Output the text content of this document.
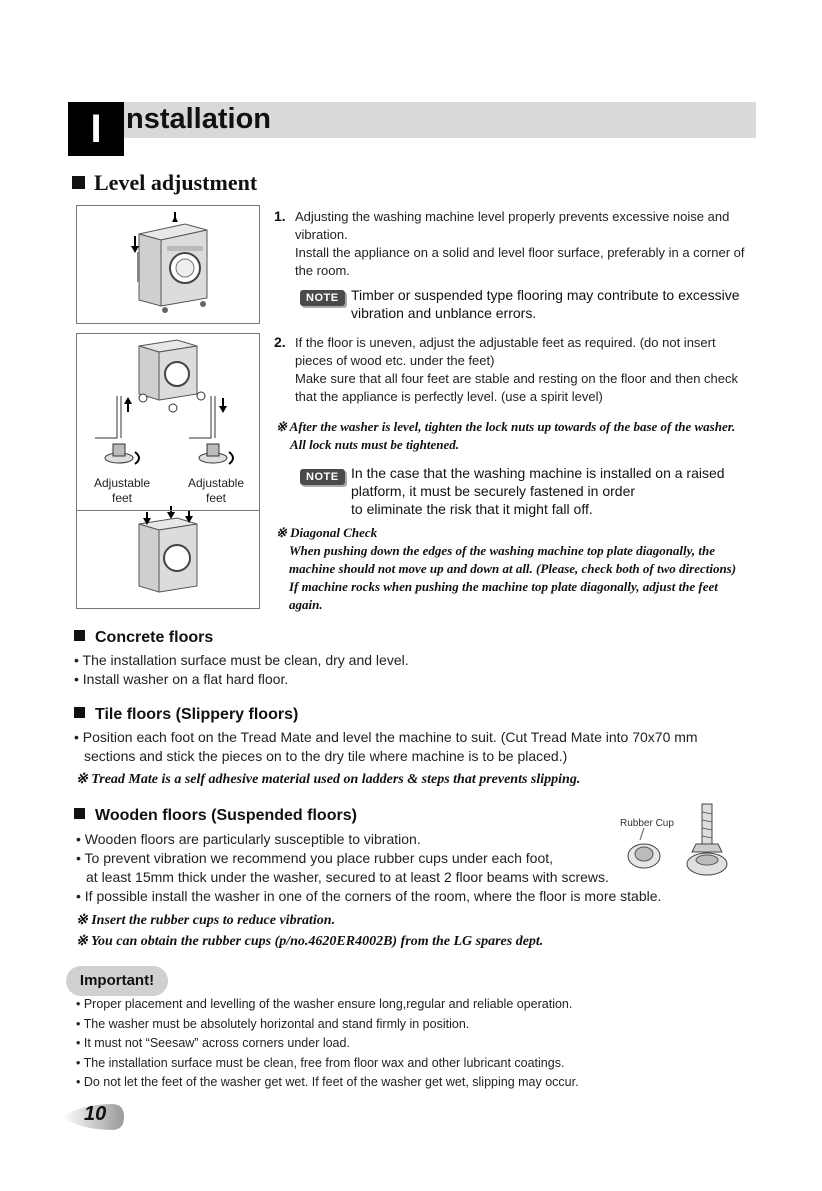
I nstallation
Level adjustment
Adjustable
feet
Adjustable
feet
1. Adjusting the washing machine level properly prevents excessive noise and
vibration.
Install the appliance on a solid and level floor surface, preferably in a corner of
the room.
NOTE Timber or suspended type flooring may contribute to excessive
vibration and unblance errors.
2. If the floor is uneven, adjust the adjustable feet as required. (do not insert
pieces of wood etc. under the feet)
Make sure that all four feet are stable and resting on the floor and then check
that the appliance is perfectly level. (use a spirit level)
※ After the washer is level, tighten the lock nuts up towards of the base of the washer.
All lock nuts must be tightened.
NOTE In the case that the washing machine is installed on a raised
platform, it must be securely fastened in order
to eliminate the risk that it might fall off.
※ Diagonal Check
When pushing down the edges of the washing machine top plate diagonally, the
machine should not move up and down at all. (Please, check both of two directions)
If machine rocks when pushing the machine top plate diagonally, adjust the feet
again.
Concrete floors
• The installation surface must be clean, dry and level.
• Install washer on a flat hard floor.
Tile floors (Slippery floors)
• Position each foot on the Tread Mate and level the machine to suit. (Cut Tread Mate into 70x70 mm
sections and stick the pieces on to the dry tile where machine is to be placed.)
※ Tread Mate is a self adhesive material used on ladders & steps that prevents slipping.
Wooden floors (Suspended floors)	Rubber Cup
• Wooden floors are particularly susceptible to vibration.
• To prevent vibration we recommend you place rubber cups under each foot,
at least 15mm thick under the washer, secured to at least 2 floor beams with screws.
• If possible install the washer in one of the corners of the room, where the floor is more stable.
※ Insert the rubber cups to reduce vibration.
※ You can obtain the rubber cups (p/no.4620ER4002B) from the LG spares dept.
Important!
• Proper placement and levelling of the washer ensure long,regular and reliable operation.
• The washer must be absolutely horizontal and stand firmly in position.
• It must not “Seesaw” across corners under load.
• The installation surface must be clean, free from floor wax and other lubricant coatings.
• Do not let the feet of the washer get wet. If feet of the washer get wet, slipping may occur.
10
